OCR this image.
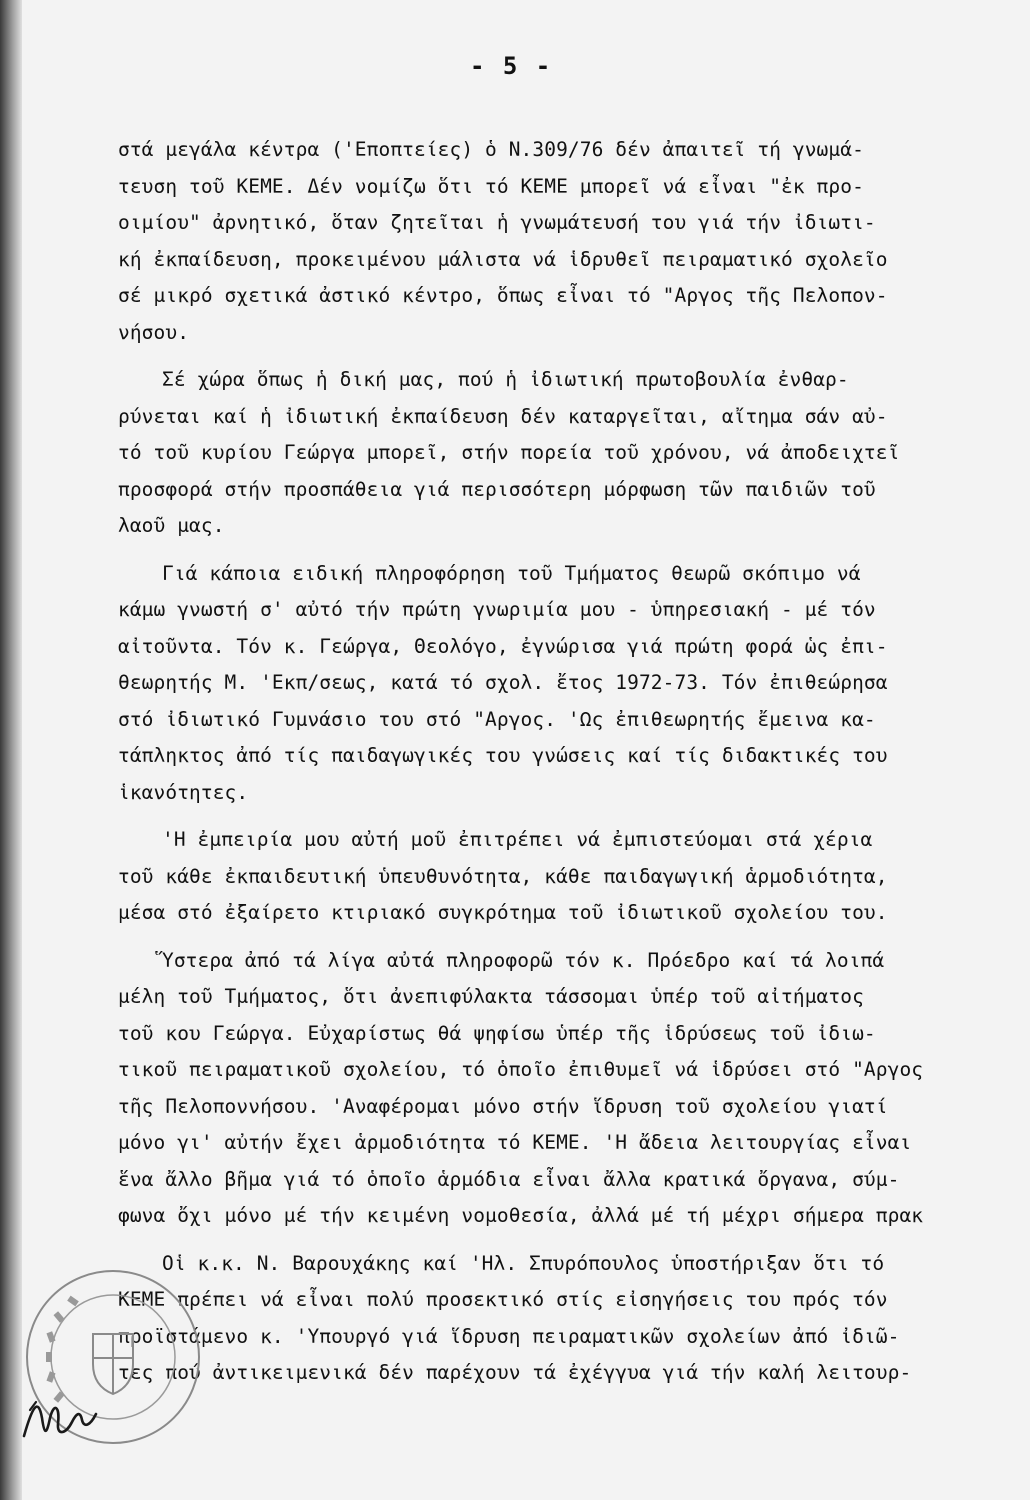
- 5 -

στά μεγάλα κέντρα ('Εποπτείες) ὁ Ν.309/76 δέν ἀπαιτεῖ τή γνωμά-
τευση τοῦ ΚΕΜΕ. Δέν νομίζω ὅτι τό ΚΕΜΕ μπορεῖ νά εἶναι "ἐκ προ-
οιμίου" ἀρνητικό, ὅταν ζητεῖται ἡ γνωμάτευσή του γιά τήν ἰδιωτι-
κή ἐκπαίδευση, προκειμένου μάλιστα νά ἱδρυθεῖ πειραματικό σχολεῖο
σέ μικρό σχετικά ἀστικό κέντρο, ὅπως εἶναι τό "Αργος τῆς Πελοπον-
νήσου.

Σέ χώρα ὅπως ἡ δική μας, πού ἡ ἰδιωτική πρωτοβουλία ἐνθαρ-
ρύνεται καί ἡ ἰδιωτική ἐκπαίδευση δέν καταργεῖται, αἴτημα σάν αὐ-
τό τοῦ κυρίου Γεώργα μπορεῖ, στήν πορεία τοῦ χρόνου, νά ἀποδειχτεῖ
προσφορά στήν προσπάθεια γιά περισσότερη μόρφωση τῶν παιδιῶν τοῦ
λαοῦ μας.

Γιά κάποια ειδική πληροφόρηση τοῦ Τμήματος θεωρῶ σκόπιμο νά
κάμω γνωστή σ' αὐτό τήν πρώτη γνωριμία μου - ὑπηρεσιακή - μέ τόν
αἰτοῦντα. Τόν κ. Γεώργα, Θεολόγο, ἐγνώρισα γιά πρώτη φορά ὡς ἐπι-
θεωρητής Μ. 'Εκπ/σεως, κατά τό σχολ. ἔτος 1972-73. Τόν ἐπιθεώρησα
στό ἰδιωτικό Γυμνάσιο του στό "Αργος. 'Ως ἐπιθεωρητής ἔμεινα κα-
τάπληκτος ἀπό τίς παιδαγωγικές του γνώσεις καί τίς διδακτικές του
ἱκανότητες.

'Η ἐμπειρία μου αὐτή μοῦ ἐπιτρέπει νά ἐμπιστεύομαι στά χέρια
τοῦ κάθε ἐκπαιδευτική ὑπευθυνότητα, κάθε παιδαγωγική ἁρμοδιότητα,
μέσα στό ἐξαίρετο κτιριακό συγκρότημα τοῦ ἰδιωτικοῦ σχολείου του.

Ὕστερα ἀπό τά λίγα αὐτά πληροφορῶ τόν κ. Πρόεδρο καί τά λοιπά
μέλη τοῦ Τμήματος, ὅτι ἀνεπιφύλακτα τάσσομαι ὑπέρ τοῦ αἰτήματος
τοῦ κου Γεώργα. Εὐχαρίστως θά ψηφίσω ὑπέρ τῆς ἱδρύσεως τοῦ ἰδιω-
τικοῦ πειραματικοῦ σχολείου, τό ὁποῖο ἐπιθυμεῖ νά ἱδρύσει στό "Αργος
τῆς Πελοποννήσου. 'Αναφέρομαι μόνο στήν ἵδρυση τοῦ σχολείου γιατί
μόνο γι' αὐτήν ἔχει ἁρμοδιότητα τό ΚΕΜΕ. 'Η ἄδεια λειτουργίας εἶναι
ἕνα ἄλλο βῆμα γιά τό ὁποῖο ἁρμόδια εἶναι ἄλλα κρατικά ὄργανα, σύμ-
φωνα ὄχι μόνο μέ τήν κειμένη νομοθεσία, ἀλλά μέ τή μέχρι σήμερα πρακ

Οἱ κ.κ. Ν. Βαρουχάκης καί 'Ηλ. Σπυρόπουλος ὑποστήριξαν ὅτι τό
ΚΕΜΕ πρέπει νά εἶναι πολύ προσεκτικό στίς εἰσηγήσεις του πρός τόν
προϊστάμενο κ. 'Υπουργό γιά ἵδρυση πειραματικῶν σχολείων ἀπό ἰδιῶ-
τες πού ἀντικειμενικά δέν παρέχουν τά ἐχέγγυα γιά τήν καλή λειτουρ-
